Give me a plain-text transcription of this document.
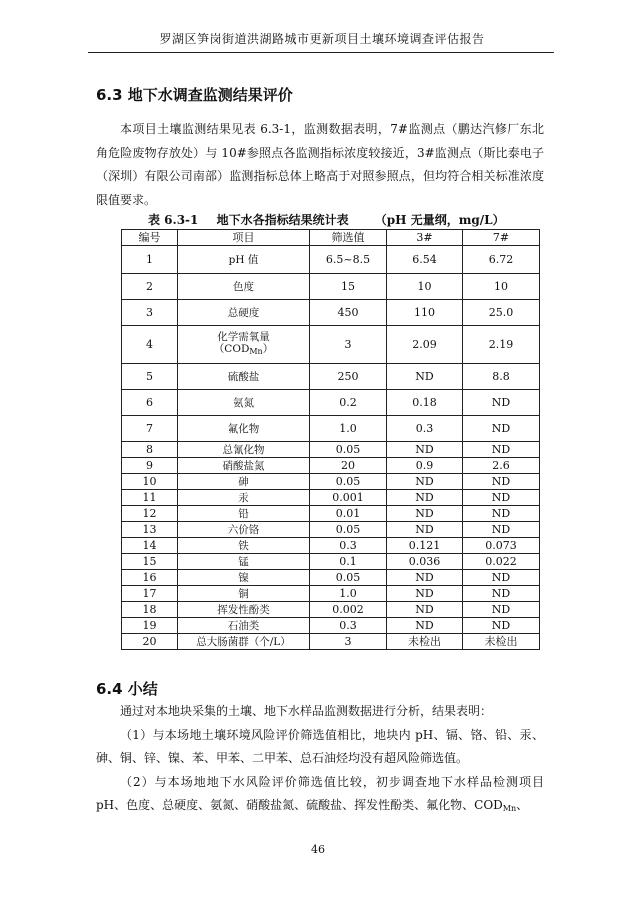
罗湖区笋岗街道洪湖路城市更新项目土壤环境调查评估报告
6.3 地下水调查监测结果评价

本项目土壤监测结果见表 6.3-1，监测数据表明，7#监测点（鹏达汽修厂东北角危险废物存放处）与 10#参照点各监测指标浓度较接近，3#监测点（斯比泰电子（深圳）有限公司南部）监测指标总体上略高于对照参照点，但均符合相关标准浓度限值要求。

表 6.3-1 地下水各指标结果统计表 （pH 无量纲，mg/L）
编号	项目	筛选值	3#	7#
1	pH 值	6.5~8.5	6.54	6.72
2	色度	15	10	10
3	总硬度	450	110	25.0
4	化学需氧量
$(COD_{Mn})$	3	2.09	2.19
5	硫酸盐	250	ND	8.8
6	氨氮	0.2	0.18	ND
7	氟化物	1.0	0.3	ND
8	总氰化物	0.05	ND	ND
9	硝酸盐氮	20	0.9	2.6
10	砷	0.05	ND	ND
11	汞	0.001	ND	ND
12	铅	0.01	ND	ND
13	六价铬	0.05	ND	ND
14	铁	0.3	0.121	0.073
15	锰	0.1	0.036	0.022
16	镍	0.05	ND	ND
17	铜	1.0	ND	ND
18	挥发性酚类	0.002	ND	ND
19	石油类	0.3	ND	ND
20	总大肠菌群（个/L）	3	未检出	未检出
6.4 小结

通过对本地块采集的土壤、地下水样品监测数据进行分析，结果表明：

（1）与本场地土壤环境风险评价筛选值相比，地块内 pH、镉、铬、铅、汞、砷、铜、锌、镍、苯、甲苯、二甲苯、总石油烃均没有超风险筛选值。

（2）与本场地地下水风险评价筛选值比较，初步调查地下水样品检测项目 pH、色度、总硬度、氨氮、硝酸盐氮、硫酸盐、挥发性酚类、氟化物、$COD_{Mn}$、

46
